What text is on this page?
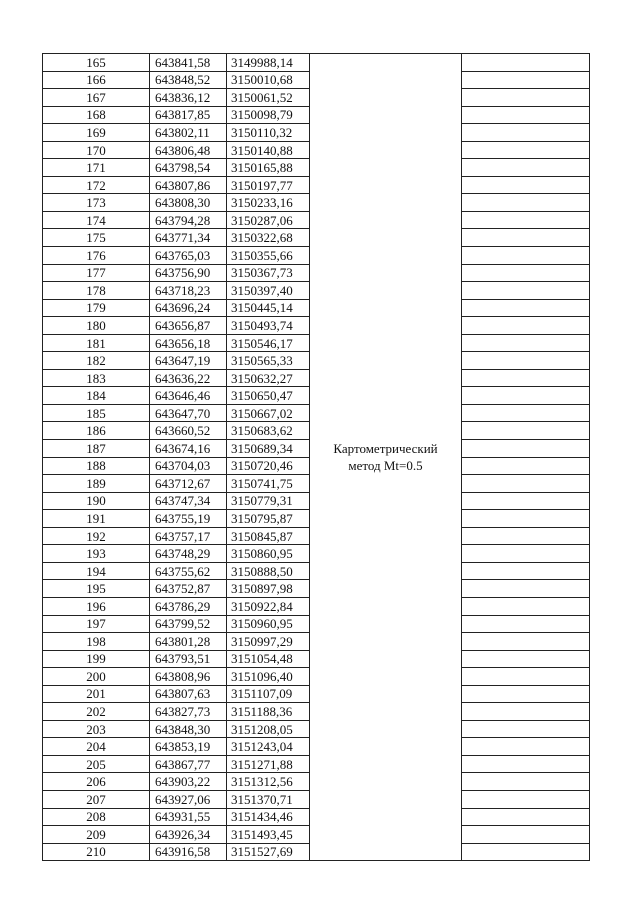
165	643841,58	3149988,14	Картометрический
метод Mt=0.5	

166	643848,52	3150010,68		
167	643836,12	3150061,52		
168	643817,85	3150098,79		
169	643802,11	3150110,32		
170	643806,48	3150140,88		
171	643798,54	3150165,88		
172	643807,86	3150197,77		
173	643808,30	3150233,16		
174	643794,28	3150287,06		
175	643771,34	3150322,68		
176	643765,03	3150355,66		
177	643756,90	3150367,73		
178	643718,23	3150397,40		
179	643696,24	3150445,14		
180	643656,87	3150493,74		
181	643656,18	3150546,17		
182	643647,19	3150565,33		
183	643636,22	3150632,27		
184	643646,46	3150650,47		
185	643647,70	3150667,02		
186	643660,52	3150683,62		
187	643674,16	3150689,34		
188	643704,03	3150720,46		
189	643712,67	3150741,75		
190	643747,34	3150779,31		
191	643755,19	3150795,87		
192	643757,17	3150845,87		
193	643748,29	3150860,95		
194	643755,62	3150888,50		
195	643752,87	3150897,98		
196	643786,29	3150922,84		
197	643799,52	3150960,95		
198	643801,28	3150997,29		
199	643793,51	3151054,48		
200	643808,96	3151096,40		
201	643807,63	3151107,09		
202	643827,73	3151188,36		
203	643848,30	3151208,05		
204	643853,19	3151243,04		
205	643867,77	3151271,88		
206	643903,22	3151312,56		
207	643927,06	3151370,71		
208	643931,55	3151434,46		
209	643926,34	3151493,45		
210	643916,58	3151527,69		
